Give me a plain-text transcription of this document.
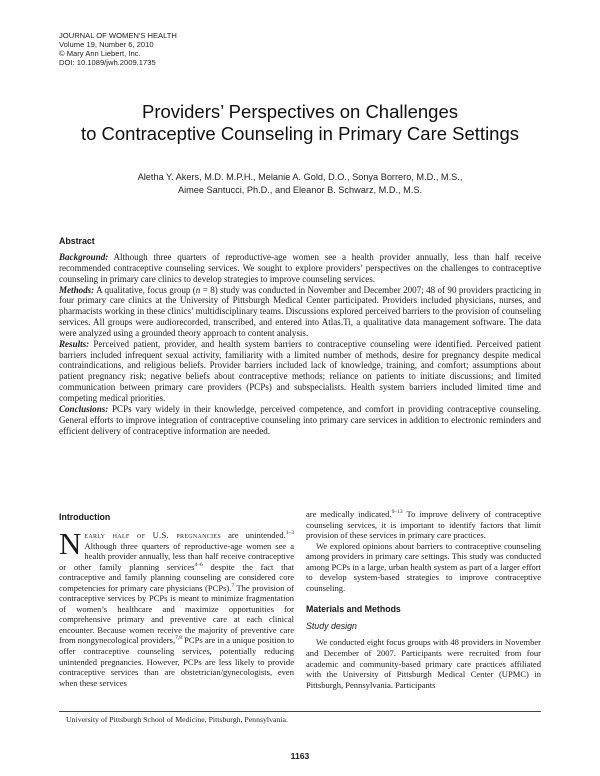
JOURNAL OF WOMEN'S HEALTH
Volume 19, Number 6, 2010
© Mary Ann Liebert, Inc.
DOI: 10.1089/jwh.2009.1735
Providers’ Perspectives on Challenges
to Contraceptive Counseling in Primary Care Settings
Aletha Y. Akers, M.D. M.P.H., Melanie A. Gold, D.O., Sonya Borrero, M.D., M.S.,
Aimee Santucci, Ph.D., and Eleanor B. Schwarz, M.D., M.S.
Abstract

Background: Although three quarters of reproductive-age women see a health provider annually, less than half receive recommended contraceptive counseling services. We sought to explore providers’ perspectives on the challenges to contraceptive counseling in primary care clinics to develop strategies to improve counseling services.

Methods: A qualitative, focus group (n = 8) study was conducted in November and December 2007; 48 of 90 providers practicing in four primary care clinics at the University of Pittsburgh Medical Center participated. Providers included physicians, nurses, and pharmacists working in these clinics’ multidisciplinary teams. Discussions explored perceived barriers to the provision of counseling services. All groups were audiorecorded, transcribed, and entered into Atlas.Ti, a qualitative data management software. The data were analyzed using a grounded theory approach to content analysis.

Results: Perceived patient, provider, and health system barriers to contraceptive counseling were identified. Perceived patient barriers included infrequent sexual activity, familiarity with a limited number of methods, desire for pregnancy despite medical contraindications, and religious beliefs. Provider barriers included lack of knowledge, training, and comfort; assumptions about patient pregnancy risk; negative beliefs about contraceptive methods; reliance on patients to initiate discussions; and limited communication between primary care providers (PCPs) and subspecialists. Health system barriers included limited time and competing medical priorities.

Conclusions: PCPs vary widely in their knowledge, perceived competence, and comfort in providing contraceptive counseling. General efforts to improve integration of contraceptive counseling into primary care services in addition to electronic reminders and efficient delivery of contraceptive information are needed.

Introduction

Nearly half of U.S. pregnancies are unintended.$^{1-3}$ Although three quarters of reproductive-age women see a health provider annually, less than half receive contraceptive or other family planning services$^{4-6}$ despite the fact that contraceptive and family planning counseling are considered core competencies for primary care physicians (PCPs).$^7$ The provision of contraceptive services by PCPs is meant to minimize fragmentation of women’s healthcare and maximize opportunities for comprehensive primary and preventive care at each clinical encounter. Because women receive the majority of preventive care from nongynecological providers,$^{7,8}$ PCPs are in a unique position to offer contraceptive counseling services, potentially reducing unintended pregnancies. However, PCPs are less likely to provide contraceptive services than are obstetrician/gynecologists, even when these services

are medically indicated.$^{9-13}$ To improve delivery of contraceptive counseling services, it is important to identify factors that limit provision of these services in primary care practices.

We explored opinions about barriers to contraceptive counseling among providers in primary care settings. This study was conducted among PCPs in a large, urban health system as part of a larger effort to develop system-based strategies to improve contraceptive counseling.

Materials and Methods
Study design

We conducted eight focus groups with 48 providers in November and December of 2007. Participants were recruited from four academic and community-based primary care practices affiliated with the University of Pittsburgh Medical Center (UPMC) in Pittsburgh, Pennsylvania. Participants

University of Pittsburgh School of Medicine, Pittsburgh, Pennsylvania.
1163
